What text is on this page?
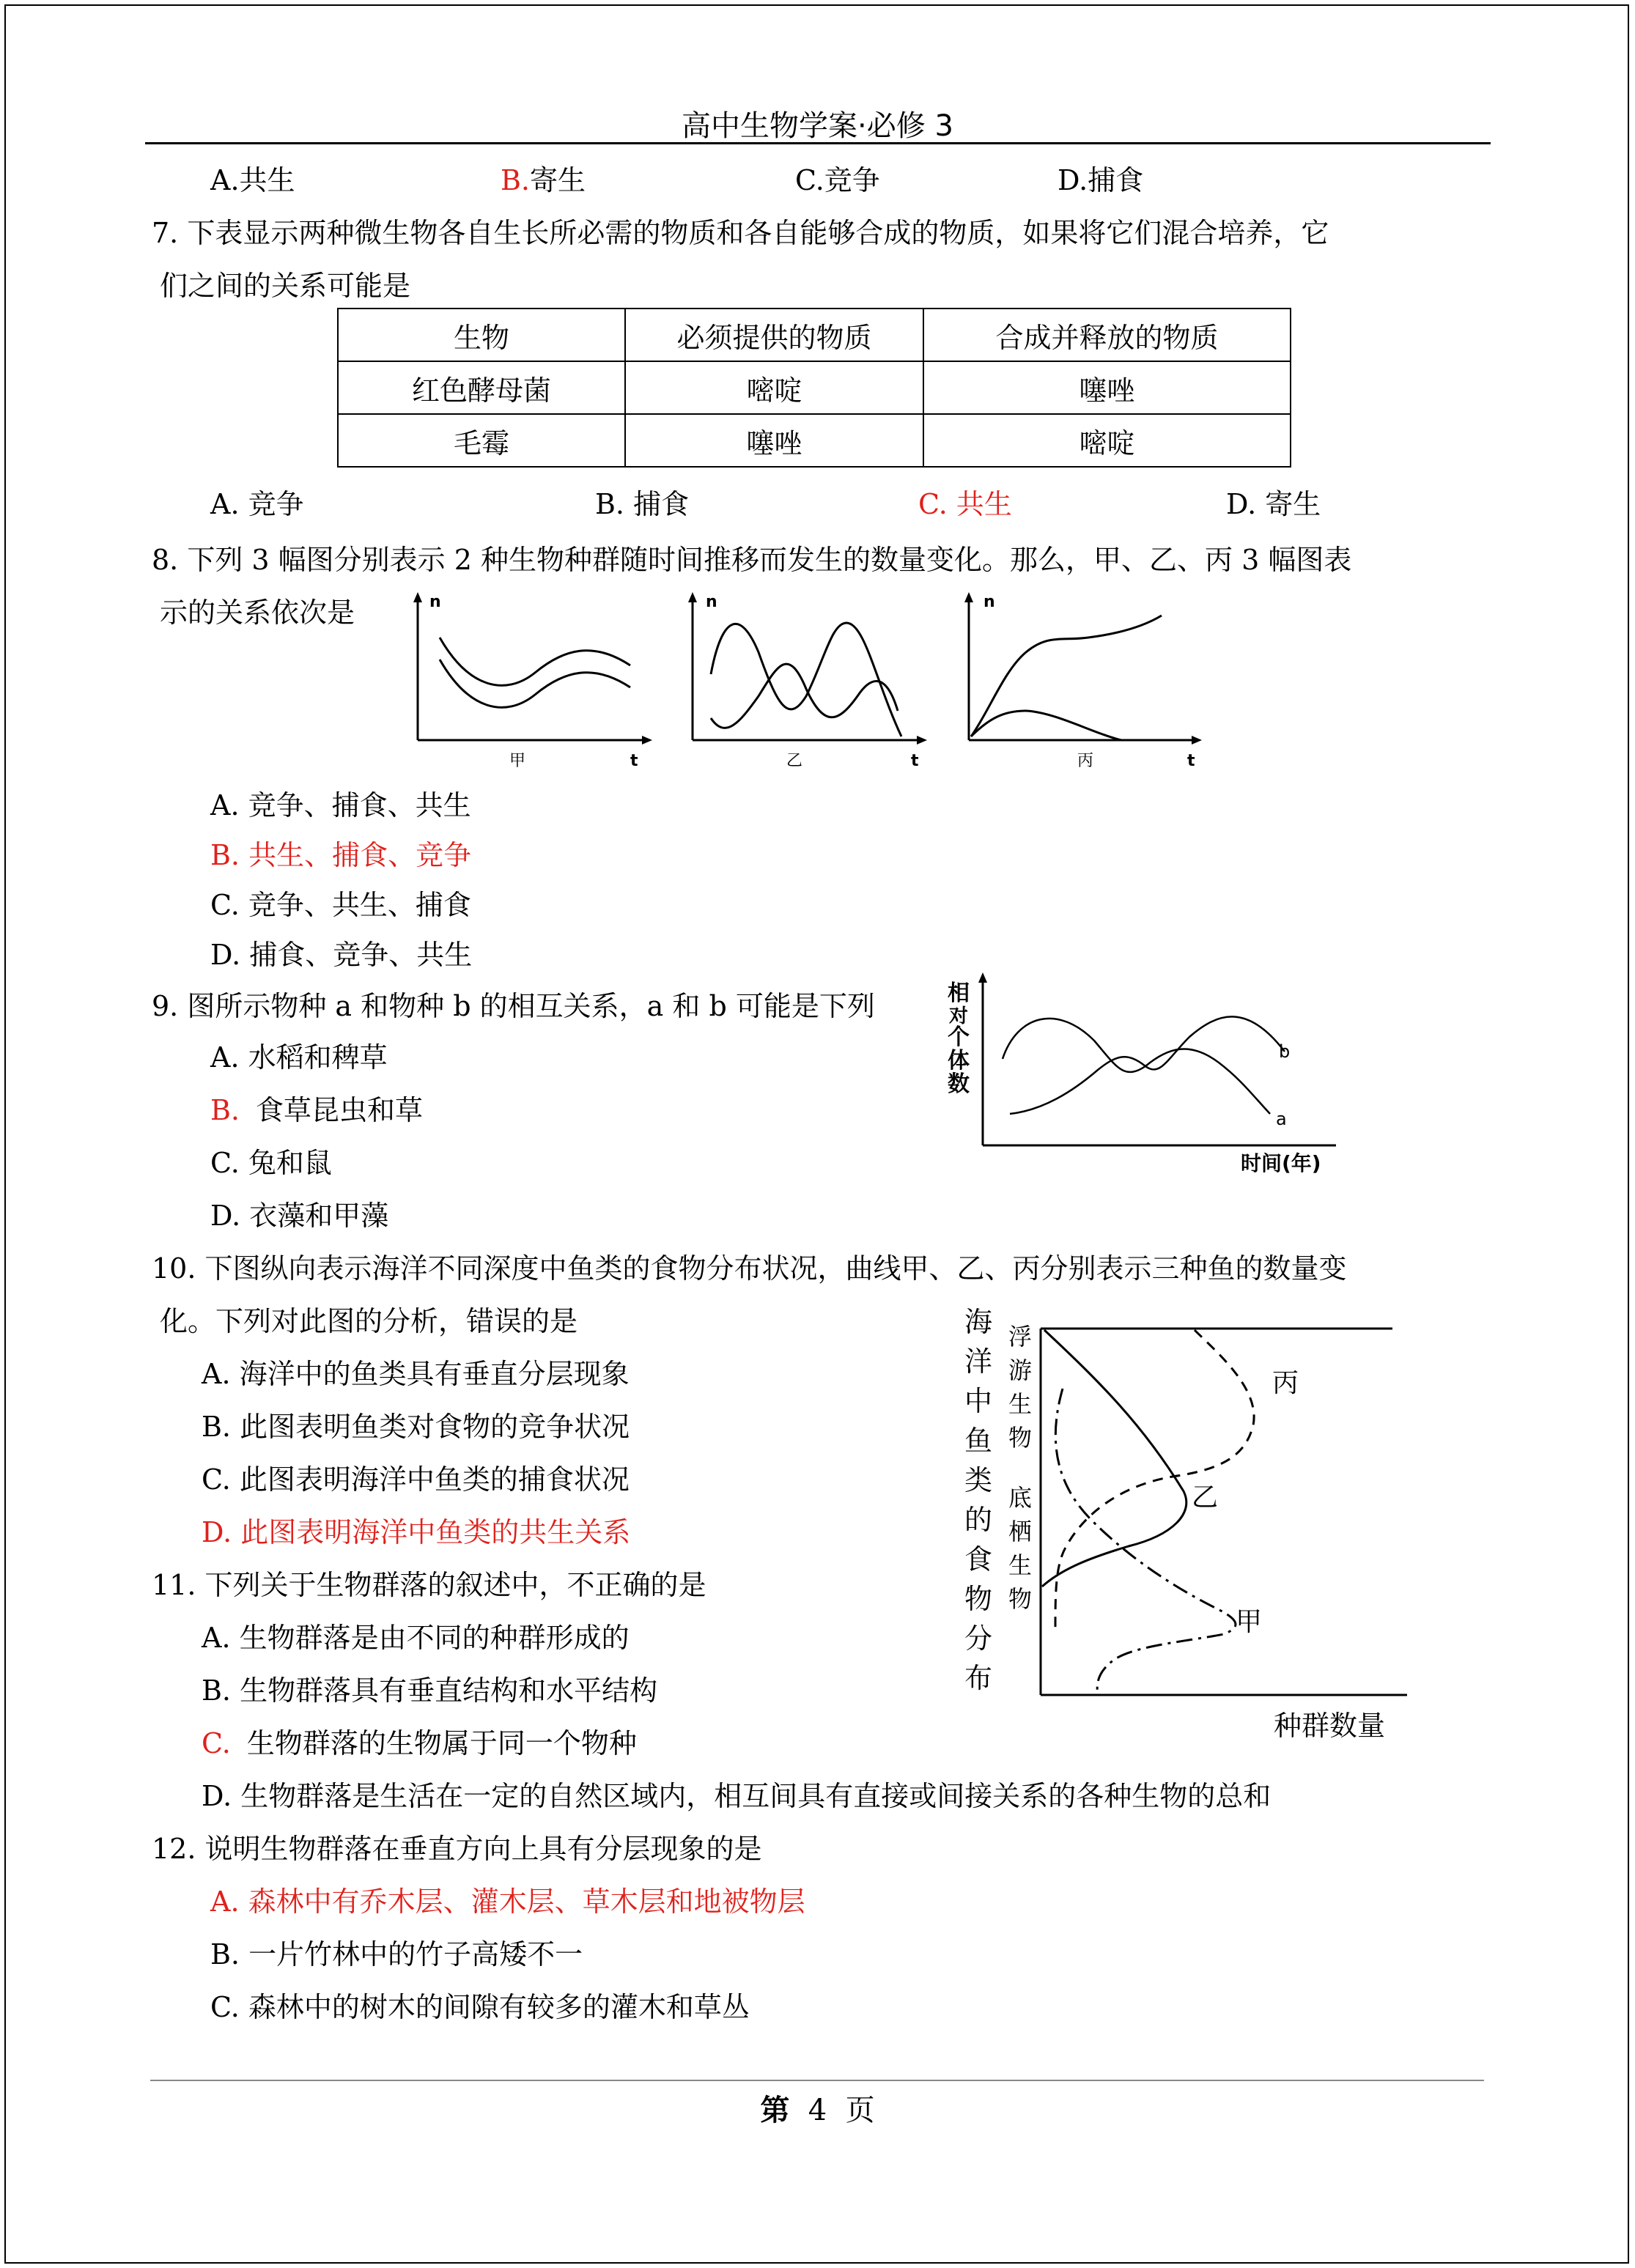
高中生物学案·必修 3
A.共生	B.寄生	C.竞争	D.捕食
7. 下表显示两种微生物各自生长所必需的物质和各自能够合成的物质，如果将它们混合培养，它
们之间的关系可能是
生物	必须提供的物质	合成并释放的物质
红色酵母菌	嘧啶	噻唑
毛霉	噻唑	嘧啶
A. 竞争	B. 捕食	C. 共生	D. 寄生
8. 下列 3 幅图分别表示 2 种生物种群随时间推移而发生的数量变化。那么，甲、乙、丙 3 幅图表
示的关系依次是	n
t
甲
n
t
乙
n
t
丙
A. 竞争、捕食、共生
B. 共生、捕食、竞争
C. 竞争、共生、捕食
D. 捕食、竞争、共生
9. 图所示物种 a 和物种 b 的相互关系，a 和 b 可能是下列	相
对
个
体
数
b
a
时间(年)
A. 水稻和稗草
B. 食草昆虫和草
C. 兔和鼠
D. 衣藻和甲藻
10. 下图纵向表示海洋不同深度中鱼类的食物分布状况，曲线甲、乙、丙分别表示三种鱼的数量变
化。下列对此图的分析，错误的是
A. 海洋中的鱼类具有垂直分层现象
B. 此图表明鱼类对食物的竞争状况
C. 此图表明海洋中鱼类的捕食状况
D. 此图表明海洋中鱼类的共生关系
海
洋
中
鱼
类
的
食
物
分
布
浮
游
生
物
底
栖
生
物
丙
乙
甲
种群数量
11. 下列关于生物群落的叙述中，不正确的是
A. 生物群落是由不同的种群形成的
B. 生物群落具有垂直结构和水平结构
C. 生物群落的生物属于同一个物种
D. 生物群落是生活在一定的自然区域内，相互间具有直接或间接关系的各种生物的总和
12. 说明生物群落在垂直方向上具有分层现象的是
A. 森林中有乔木层、灌木层、草木层和地被物层
B. 一片竹林中的竹子高矮不一
C. 森林中的树木的间隙有较多的灌木和草丛
第 4 页
